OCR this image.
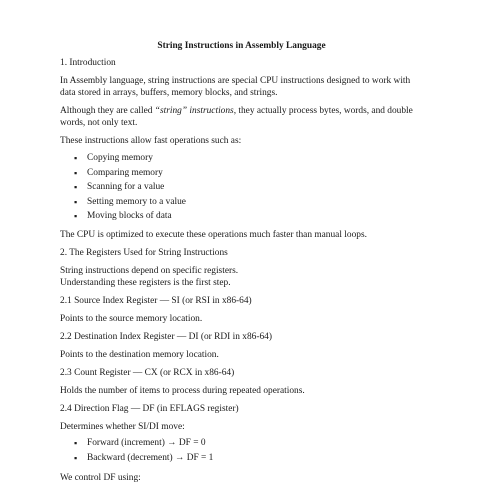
String Instructions in Assembly Language

1. Introduction

In Assembly language, string instructions are special CPU instructions designed to work with data stored in arrays, buffers, memory blocks, and strings.

Although they are called “string” instructions, they actually process bytes, words, and double words, not only text.

These instructions allow fast operations such as:

▪ Copying memory
▪ Comparing memory
▪ Scanning for a value
▪ Setting memory to a value
▪ Moving blocks of data

The CPU is optimized to execute these operations much faster than manual loops.

2. The Registers Used for String Instructions

String instructions depend on specific registers.

Understanding these registers is the first step.

2.1 Source Index Register — SI (or RSI in x86-64)

Points to the source memory location.

2.2 Destination Index Register — DI (or RDI in x86-64)

Points to the destination memory location.

2.3 Count Register — CX (or RCX in x86-64)

Holds the number of items to process during repeated operations.

2.4 Direction Flag — DF (in EFLAGS register)

Determines whether SI/DI move:

▪ Forward (increment) → DF = 0
▪ Backward (decrement) → DF = 1

We control DF using:
